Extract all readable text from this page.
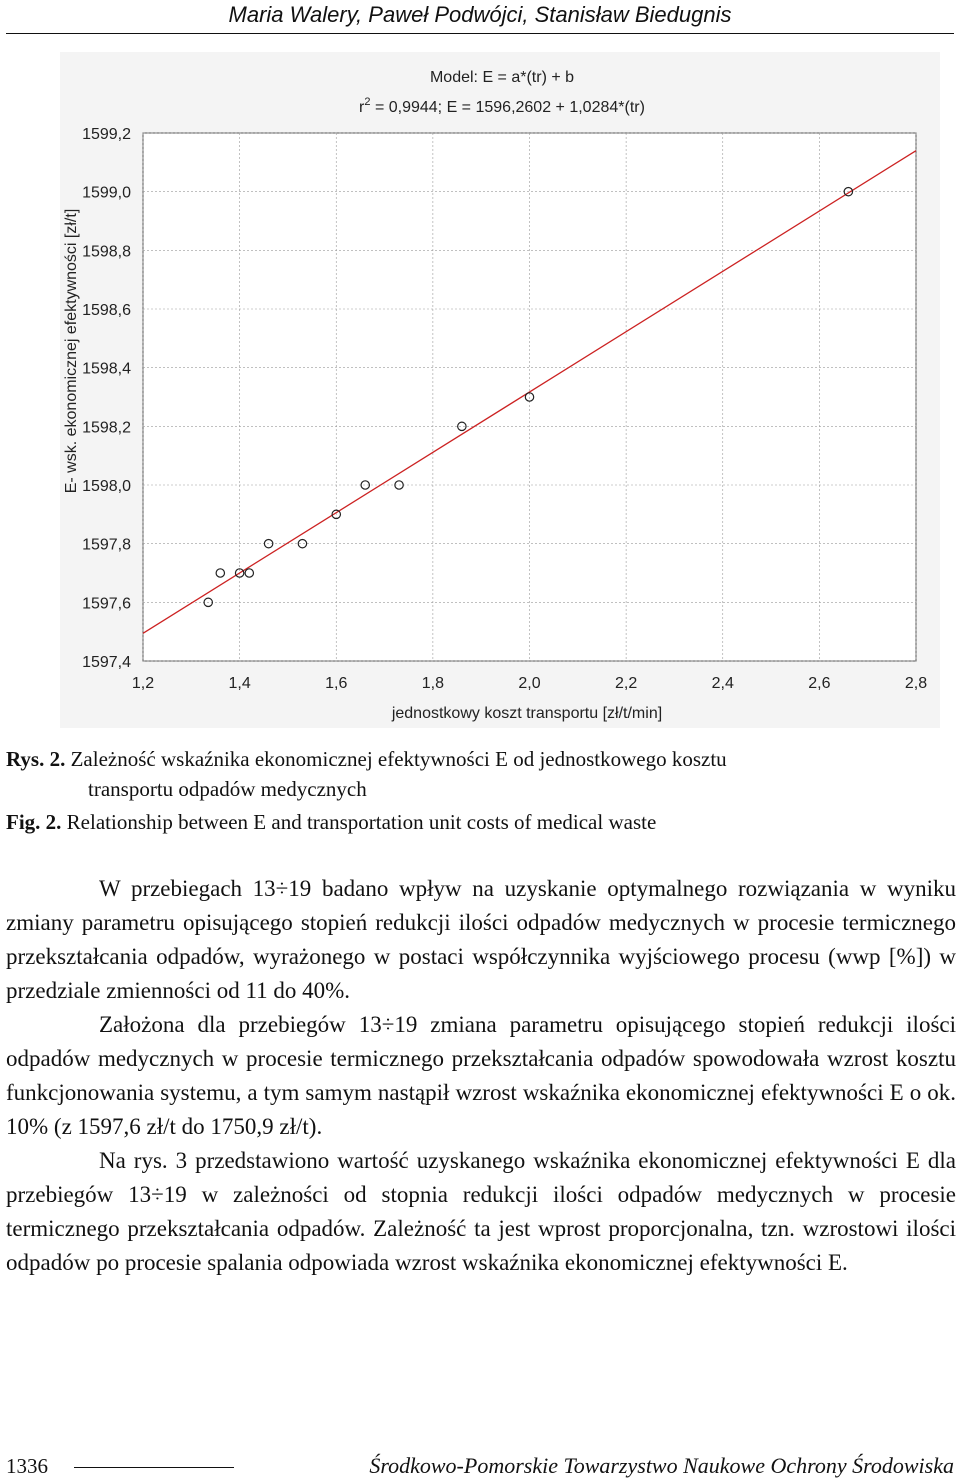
Maria Walery, Paweł Podwójci, Stanisław Biedugnis
Model: E = a*(tr) + b
$r^2 = 0,9944$; E = 1596,2602 + 1,0284*(tr)
1,2	1,4	1,6	1,8	2,0	2,2	2,4	2,6	2,8
1597,4
1597,6
1597,8
1598,0
1598,2
1598,4
1598,6
1598,8
1599,0
1599,2
jednostkowy koszt transportu [zł/t/min]
E- wsk. ekonomicznej efektywności [zł/t]
Rys. 2. Zależność wskaźnika ekonomicznej efektywności E od jednostkowego kosztu
transportu odpadów medycznych
Fig. 2. Relationship between E and transportation unit costs of medical waste

W przebiegach 13÷19 badano wpływ na uzyskanie optymalnego rozwiązania w wyniku zmiany parametru opisującego stopień redukcji ilości odpadów medycznych w procesie termicznego przekształcania odpadów, wyrażonego w postaci współczynnika wyjściowego procesu (wwp [%]) w przedziale zmienności od 11 do 40%.

Założona dla przebiegów 13÷19 zmiana parametru opisującego stopień redukcji ilości odpadów medycznych w procesie termicznego przekształcania odpadów spowodowała wzrost kosztu funkcjonowania systemu, a tym samym nastąpił wzrost wskaźnika ekonomicznej efektywności E o ok. 10% (z 1597,6 zł/t do 1750,9 zł/t).

Na rys. 3 przedstawiono wartość uzyskanego wskaźnika ekonomicznej efektywności E dla przebiegów 13÷19 w zależności od stopnia redukcji ilości odpadów medycznych w procesie termicznego przekształcania odpadów. Zależność ta jest wprost proporcjonalna, tzn. wzrostowi ilości odpadów po procesie spalania odpowiada wzrost wskaźnika ekonomicznej efektywności E.

1336	Środkowo-Pomorskie Towarzystwo Naukowe Ochrony Środowiska
